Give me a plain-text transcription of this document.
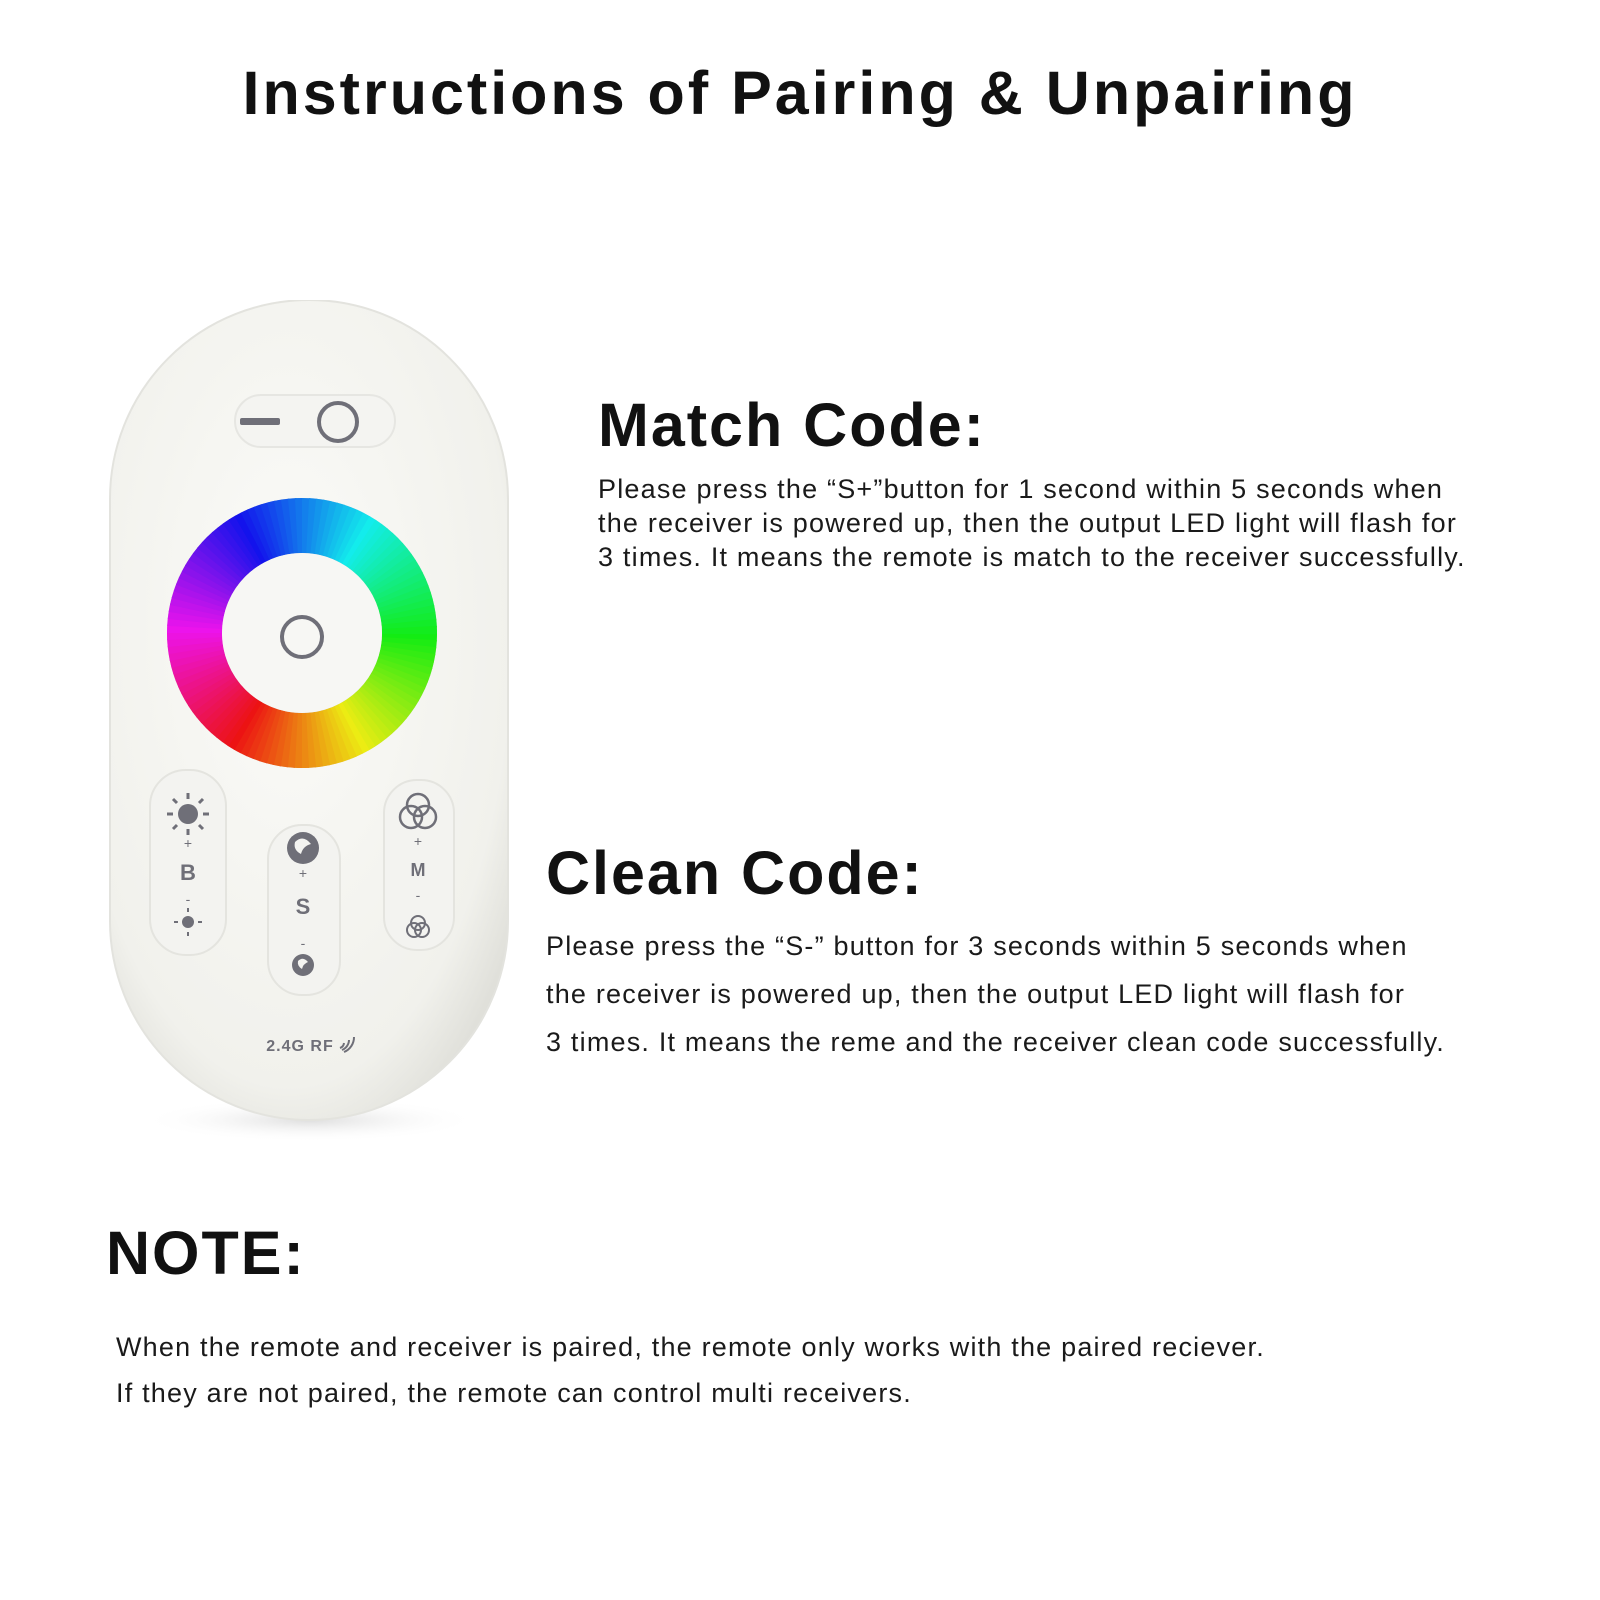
Instructions of Pairing & Unpairing
+
B
-
+
S
-
+
M
-
2.4G RF
Match Code:

Please press the “S+”button for 1 second within 5 seconds when
the receiver is powered up, then the output LED light will flash for
3 times. It means the remote is match to the receiver successfully.

Clean Code:

Please press the “S-” button for 3 seconds within 5 seconds when
the receiver is powered up, then the output LED light will flash for
3 times. It means the reme and the receiver clean code successfully.

NOTE:

When the remote and receiver is paired, the remote only works with the paired reciever.
If they are not paired, the remote can control multi receivers.
